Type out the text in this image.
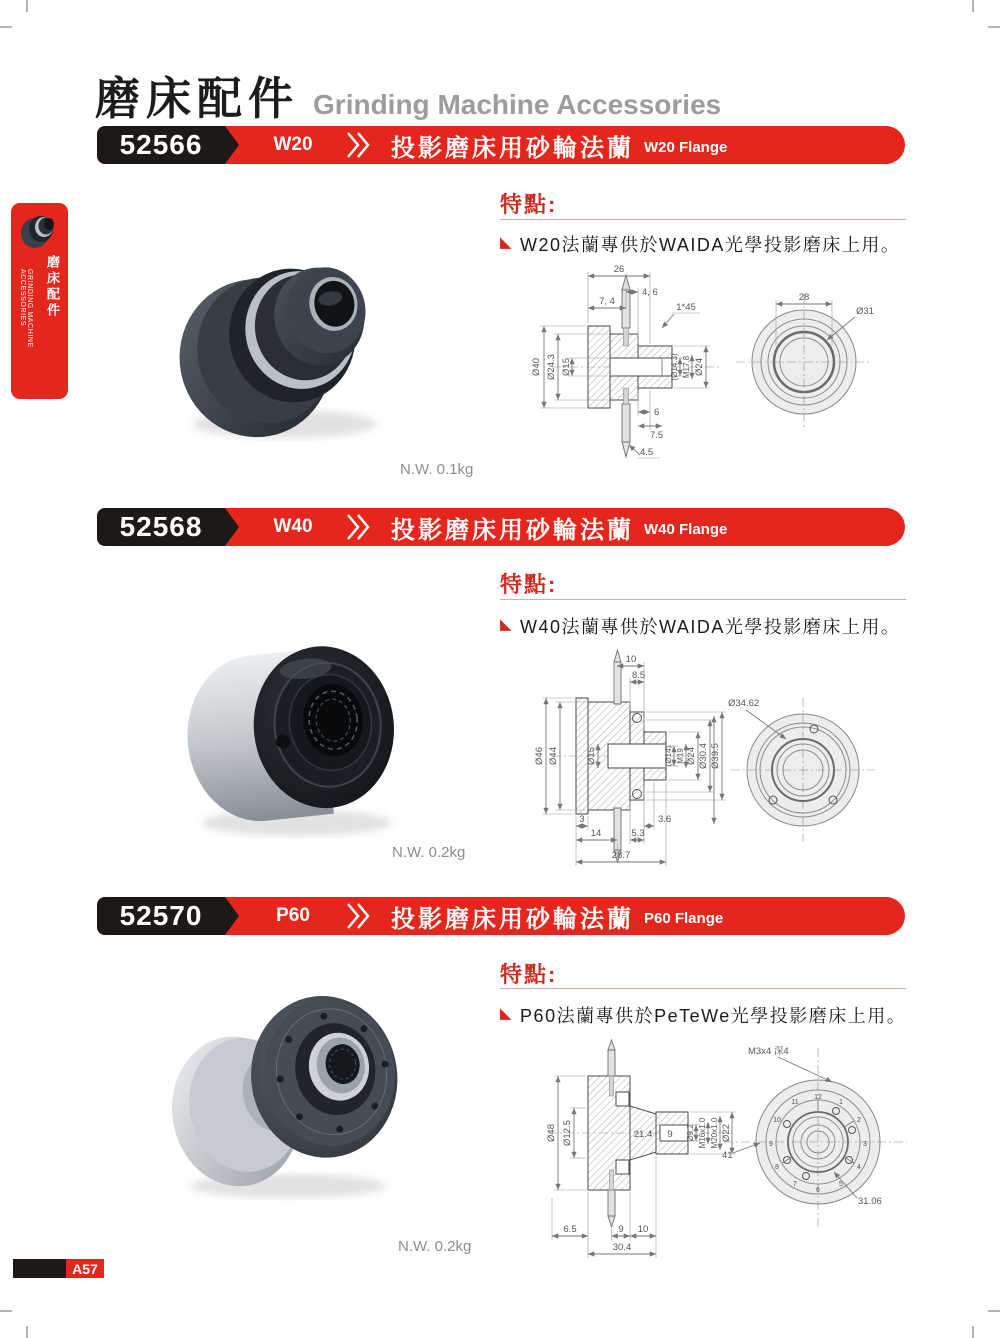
磨床配件 Grinding Machine Accessories
磨床配件
GRINDING MACHINE ACCESSORIES
52566	W20	投影磨床用砂輪法蘭 W20 Flange
特點:
◣ W20法蘭專供於WAIDA光學投影磨床上用。
N.W. 0.1kg
26
4, 6
7, 4
1*45
Ø40 Ø24.3 Ø15	(Ø14.3) M17.8 Ø24
6
7.5
4.5
28
Ø31
52568	W40	投影磨床用砂輪法蘭 W40 Flange
特點:
◣ W40法蘭專供於WAIDA光學投影磨床上用。
N.W. 0.2kg
10
8.5
Ø46 Ø44	Ø15	(Ø14) M19 Ø24 Ø30.4 Ø39.5
3
14
3.6
5.3
28.7
Ø34.62
52570	P60	投影磨床用砂輪法蘭 P60 Flange
特點:
◣ P60法蘭專供於PeTeWe光學投影磨床上用。
N.W. 0.2kg
Ø48 Ø12.5	21.4 9 Ø9.2 M16x1.0 M20x1.0 Ø22
6.5	9 10
30.4
M3x4 深4
41
31.06
12
1
2
3
4
5
6
7
8
9
10
11
A57
